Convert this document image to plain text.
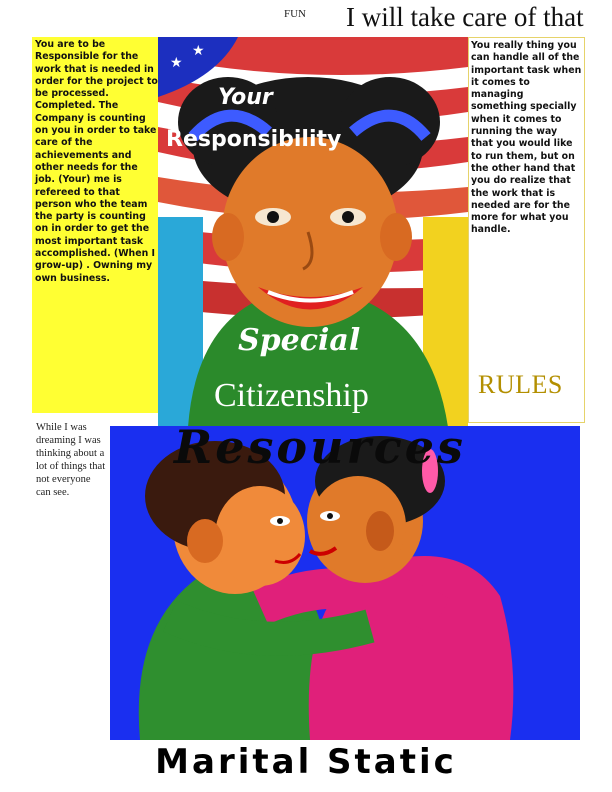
FUN I will take care of that

You are to be Responsible for the work that is needed in order for the project to be processed. Completed. The Company is counting on you in order to take care of the achievements and other needs for the job. (Your) me is refereed to that person who the team the party is counting on in order to get the most important task accomplished. (When I grow-up) . Owning my own business.

★
★
Your
Responsibility
Special
Citizenship

You really thing you can handle all of the important task when it comes to managing something specially when it comes to running the way that you would like to run them, but on the other hand that you do realize that the work that is needed are for the more for what you handle.

RULES
While I was dreaming I was thinking about a lot of things that not everyone can see.
Resources
Marital Static
